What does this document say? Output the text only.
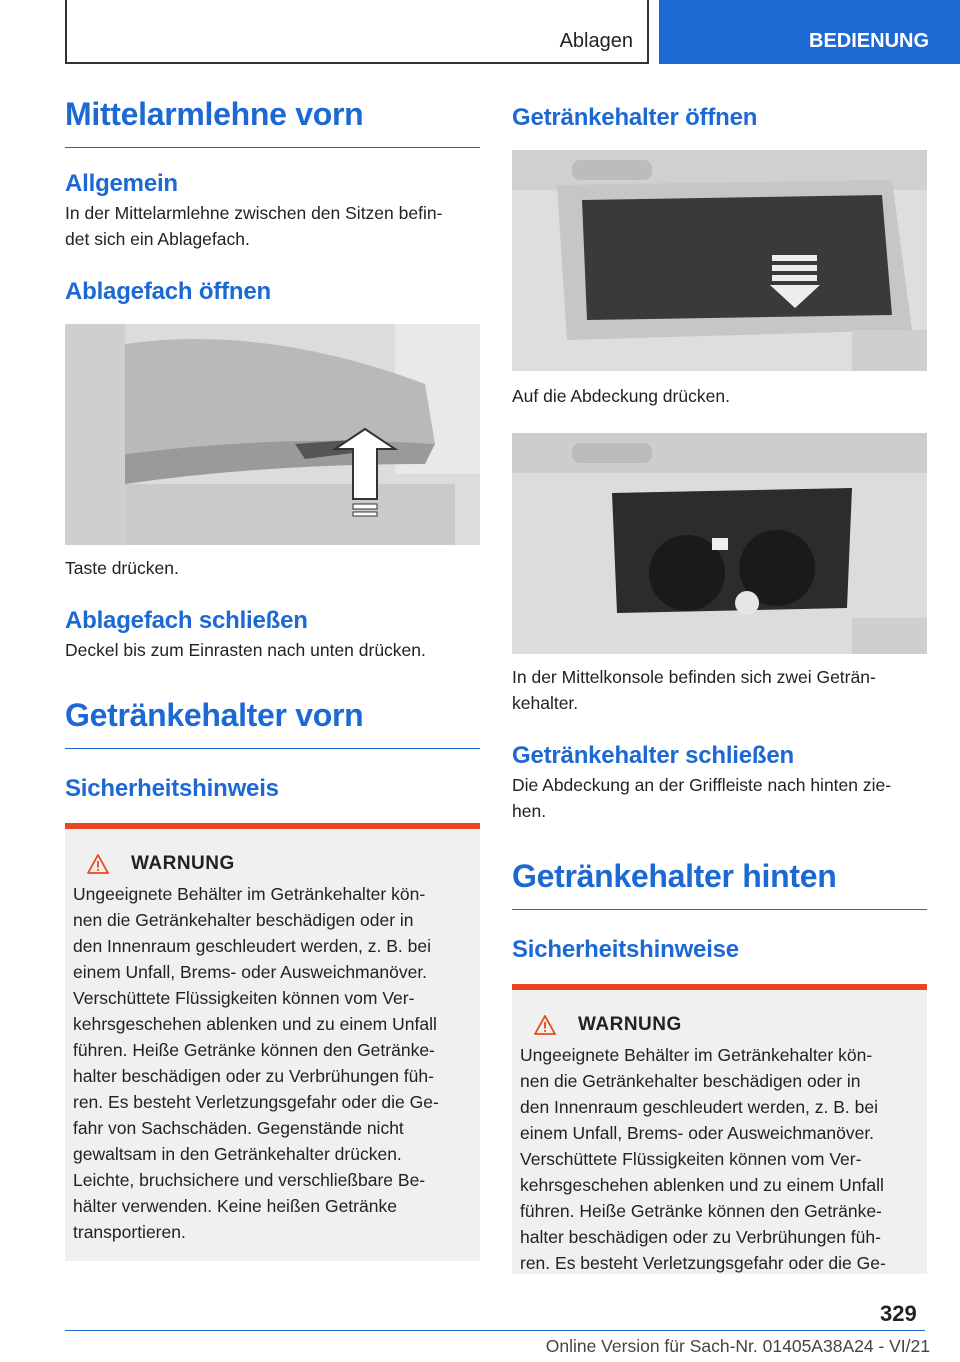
Ablagen	BEDIENUNG
Mittelarmlehne vorn
Allgemein
In der Mittelarmlehne zwischen den Sitzen befin-
det sich ein Ablagefach.
Ablagefach öffnen
Taste drücken.
Ablagefach schließen
Deckel bis zum Einrasten nach unten drücken.
Getränkehalter vorn
Sicherheitshinweis
WARNUNG
Ungeeignete Behälter im Getränkehalter kön-
nen die Getränkehalter beschädigen oder in
den Innenraum geschleudert werden, z. B. bei
einem Unfall, Brems- oder Ausweichmanöver.
Verschüttete Flüssigkeiten können vom Ver-
kehrsgeschehen ablenken und zu einem Unfall
führen. Heiße Getränke können den Getränke-
halter beschädigen oder zu Verbrühungen füh-
ren. Es besteht Verletzungsgefahr oder die Ge-
fahr von Sachschäden. Gegenstände nicht
gewaltsam in den Getränkehalter drücken.
Leichte, bruchsichere und verschließbare Be-
hälter verwenden. Keine heißen Getränke
transportieren.
Getränkehalter öffnen
Auf die Abdeckung drücken.
In der Mittelkonsole befinden sich zwei Geträn-
kehalter.
Getränkehalter schließen
Die Abdeckung an der Griffleiste nach hinten zie-
hen.
Getränkehalter hinten
Sicherheitshinweise
WARNUNG
Ungeeignete Behälter im Getränkehalter kön-
nen die Getränkehalter beschädigen oder in
den Innenraum geschleudert werden, z. B. bei
einem Unfall, Brems- oder Ausweichmanöver.
Verschüttete Flüssigkeiten können vom Ver-
kehrsgeschehen ablenken und zu einem Unfall
führen. Heiße Getränke können den Getränke-
halter beschädigen oder zu Verbrühungen füh-
ren. Es besteht Verletzungsgefahr oder die Ge-
329
Online Version für Sach-Nr. 01405A38A24 - VI/21
